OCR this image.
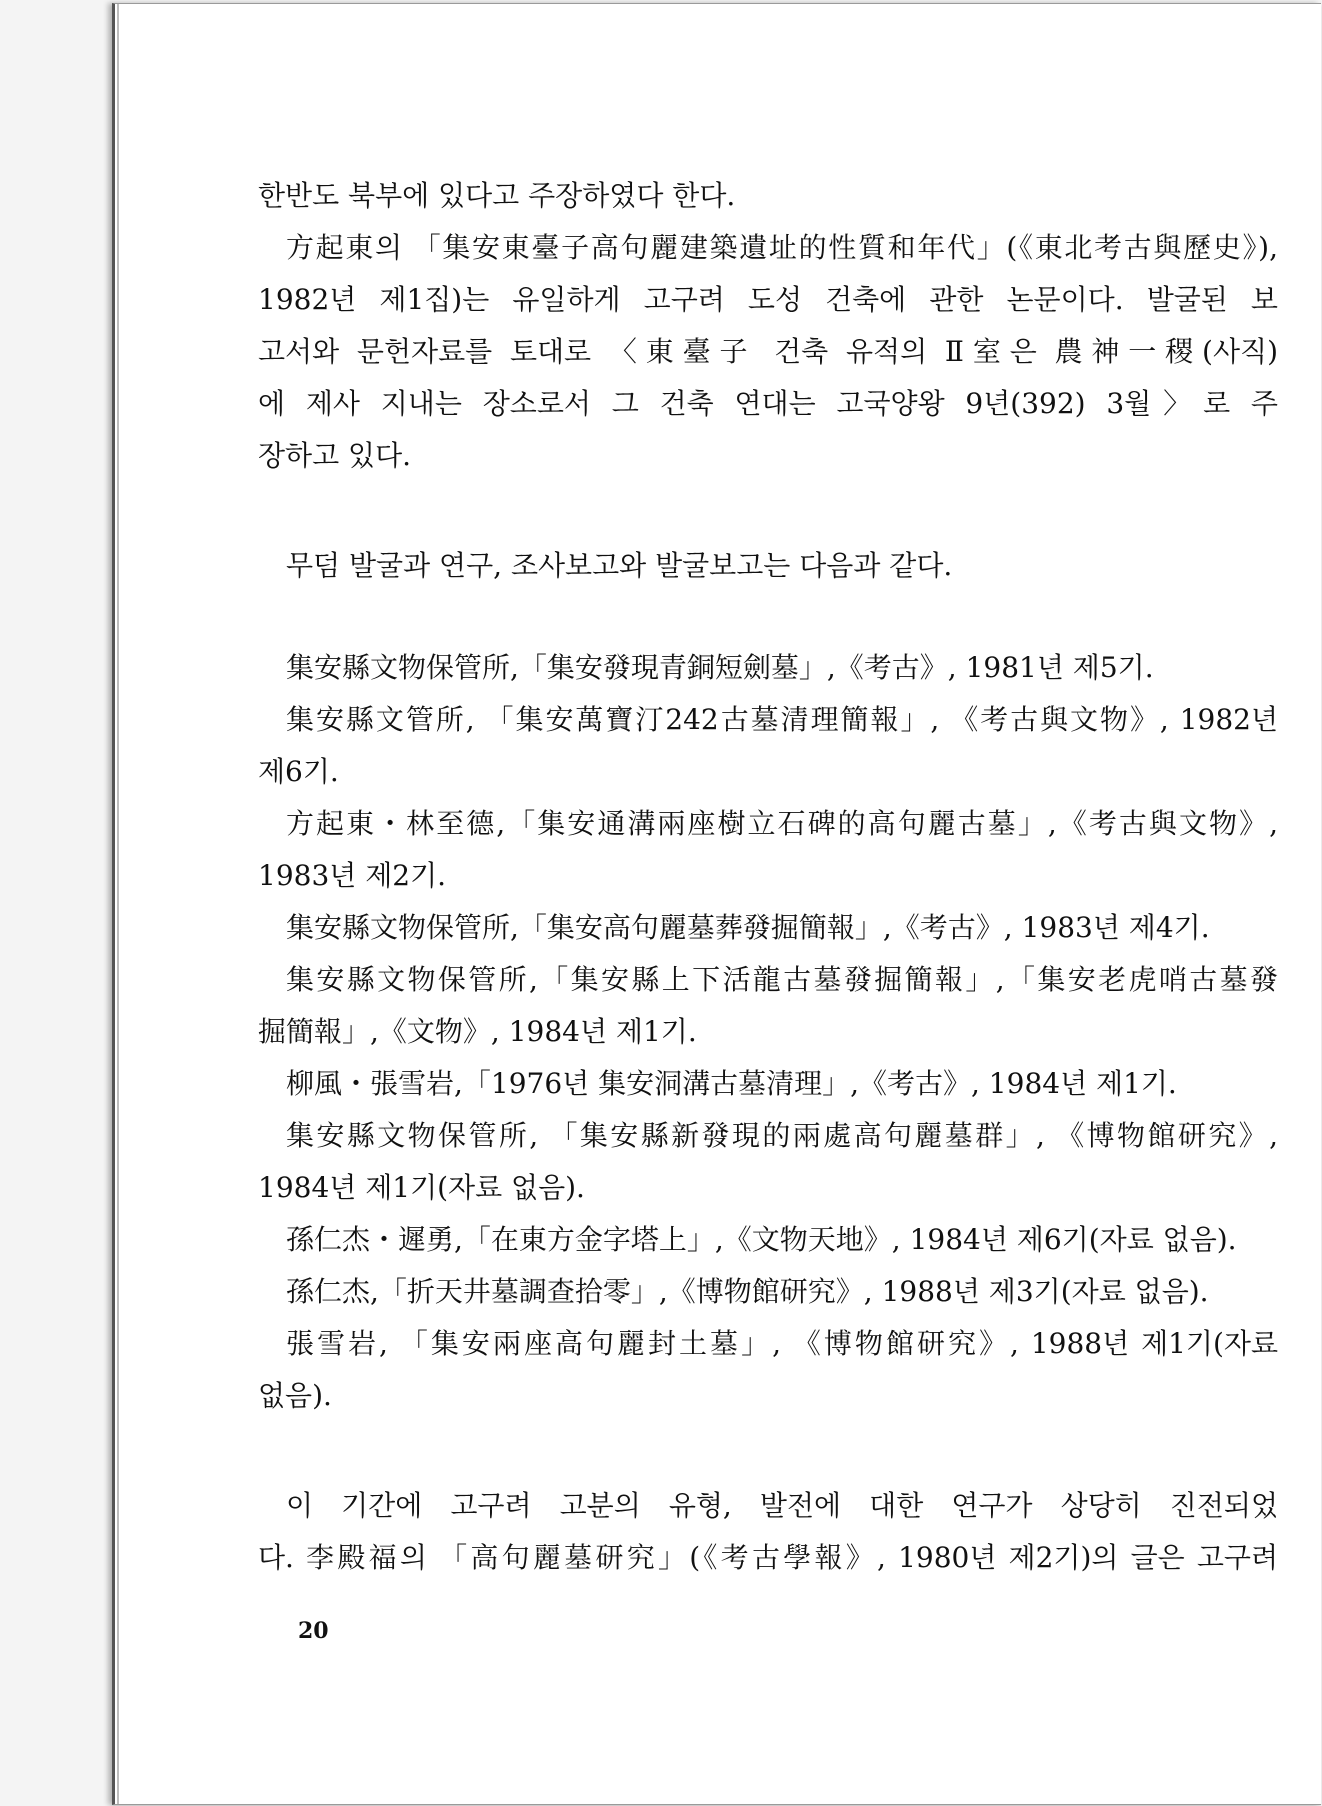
한반도 북부에 있다고 주장하였다 한다.
方起東의 「集安東臺子高句麗建築遺址的性質和年代」(《東北考古與歷史》),
1982년 제1집)는 유일하게 고구려 도성 건축에 관한 논문이다. 발굴된 보
고서와 문헌자료를 토대로 〈東臺子 건축 유적의 Ⅱ室은 農神一稷(사직)
에 제사 지내는 장소로서 그 건축 연대는 고국양왕 9년(392) 3월〉로 주
장하고 있다.
무덤 발굴과 연구, 조사보고와 발굴보고는 다음과 같다.
集安縣文物保管所,「集安發現青銅短劍墓」,《考古》, 1981년 제5기.
集安縣文管所, 「集安萬寶汀242古墓清理簡報」, 《考古與文物》, 1982년
제6기.
方起東・林至德,「集安通溝兩座樹立石碑的高句麗古墓」,《考古與文物》,
1983년 제2기.
集安縣文物保管所,「集安高句麗墓葬發掘簡報」,《考古》, 1983년 제4기.
集安縣文物保管所,「集安縣上下活龍古墓發掘簡報」,「集安老虎哨古墓發
掘簡報」,《文物》, 1984년 제1기.
柳風・張雪岩,「1976년 集安洞溝古墓清理」,《考古》, 1984년 제1기.
集安縣文物保管所, 「集安縣新發現的兩處高句麗墓群」, 《博物館研究》,
1984년 제1기(자료 없음).
孫仁杰・遲勇,「在東方金字塔上」,《文物天地》, 1984년 제6기(자료 없음).
孫仁杰,「折天井墓調查拾零」,《博物館研究》, 1988년 제3기(자료 없음).
張雪岩, 「集安兩座高句麗封土墓」, 《博物館研究》, 1988년 제1기(자료
없음).
이 기간에 고구려 고분의 유형, 발전에 대한 연구가 상당히 진전되었
다. 李殿福의 「高句麗墓研究」(《考古學報》, 1980년 제2기)의 글은 고구려
20
